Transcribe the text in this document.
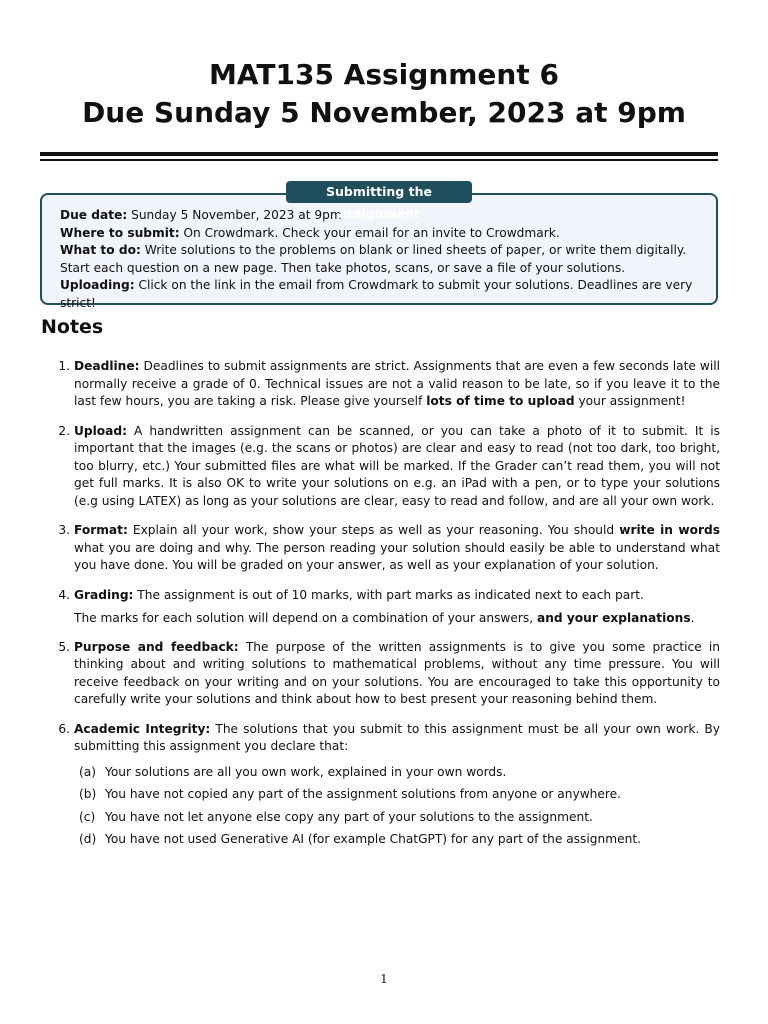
MAT135 Assignment 6
Due Sunday 5 November, 2023 at 9pm

Due date: Sunday 5 November, 2023 at 9pm

Where to submit: On Crowdmark. Check your email for an invite to Crowdmark.

What to do: Write solutions to the problems on blank or lined sheets of paper, or write them digitally. Start each question on a new page. Then take photos, scans, or save a file of your solutions.

Uploading: Click on the link in the email from Crowdmark to submit your solutions. Deadlines are very strict!

Submitting the assignment
Notes
1. Deadline: Deadlines to submit assignments are strict. Assignments that are even a few seconds late will normally receive a grade of 0. Technical issues are not a valid reason to be late, so if you leave it to the last few hours, you are taking a risk. Please give yourself lots of time to upload your assignment!
2. Upload: A handwritten assignment can be scanned, or you can take a photo of it to submit. It is important that the images (e.g. the scans or photos) are clear and easy to read (not too dark, too bright, too blurry, etc.) Your submitted files are what will be marked. If the Grader can’t read them, you will not get full marks. It is also OK to write your solutions on e.g. an iPad with a pen, or to type your solutions (e.g using LATEX) as long as your solutions are clear, easy to read and follow, and are all your own work.
3. Format: Explain all your work, show your steps as well as your reasoning. You should write in words what you are doing and why. The person reading your solution should easily be able to understand what you have done. You will be graded on your answer, as well as your explanation of your solution.
4. Grading: The assignment is out of 10 marks, with part marks as indicated next to each part.
The marks for each solution will depend on a combination of your answers, and your explanations.
5. Purpose and feedback: The purpose of the written assignments is to give you some practice in thinking about and writing solutions to mathematical problems, without any time pressure. You will receive feedback on your writing and on your solutions. You are encouraged to take this opportunity to carefully write your solutions and think about how to best present your reasoning behind them.
6. Academic Integrity: The solutions that you submit to this assignment must be all your own work. By submitting this assignment you declare that:
(a) Your solutions are all you own work, explained in your own words.
(b) You have not copied any part of the assignment solutions from anyone or anywhere.
(c) You have not let anyone else copy any part of your solutions to the assignment.
(d) You have not used Generative AI (for example ChatGPT) for any part of the assignment.
1
